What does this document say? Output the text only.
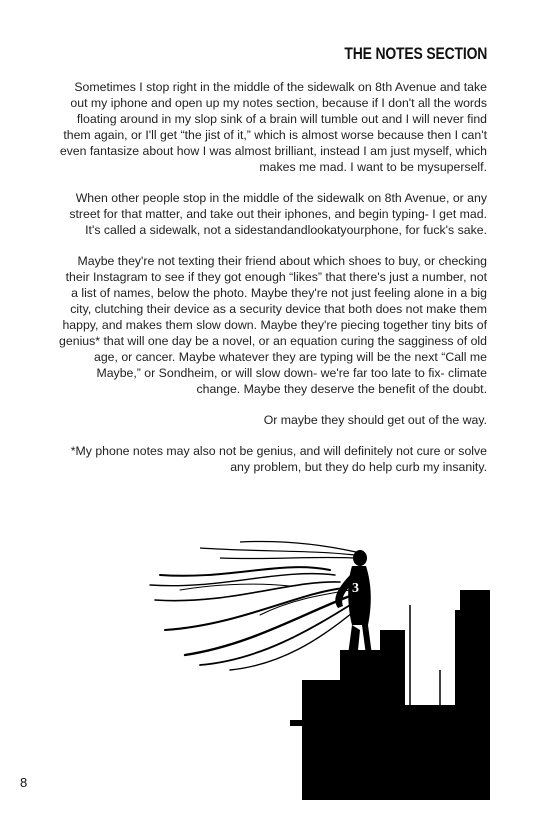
THE NOTES SECTION

Sometimes I stop right in the middle of the sidewalk on 8th Avenue and take out my iphone and open up my notes section, because if I don't all the words floating around in my slop sink of a brain will tumble out and I will never find them again, or I'll get “the jist of it,” which is almost worse because then I can't even fantasize about how I was almost brilliant, instead I am just myself, which makes me mad. I want to be mysuperself.

When other people stop in the middle of the sidewalk on 8th Avenue, or any street for that matter, and take out their iphones, and begin typing- I get mad. It's called a sidewalk, not a sidestandandlookatyourphone, for fuck's sake.

Maybe they're not texting their friend about which shoes to buy, or checking their Instagram to see if they got enough “likes” that there's just a number, not a list of names, below the photo. Maybe they're not just feeling alone in a big city, clutching their device as a security device that both does not make them happy, and makes them slow down. Maybe they're piecing together tiny bits of genius* that will one day be a novel, or an equation curing the sagginess of old age, or cancer. Maybe whatever they are typing will be the next “Call me Maybe,” or Sondheim, or will slow down- we're far too late to fix- climate change. Maybe they deserve the benefit of the doubt.

Or maybe they should get out of the way.

*My phone notes may also not be genius, and will definitely not cure or solve any problem, but they do help curb my insanity.

3
8
